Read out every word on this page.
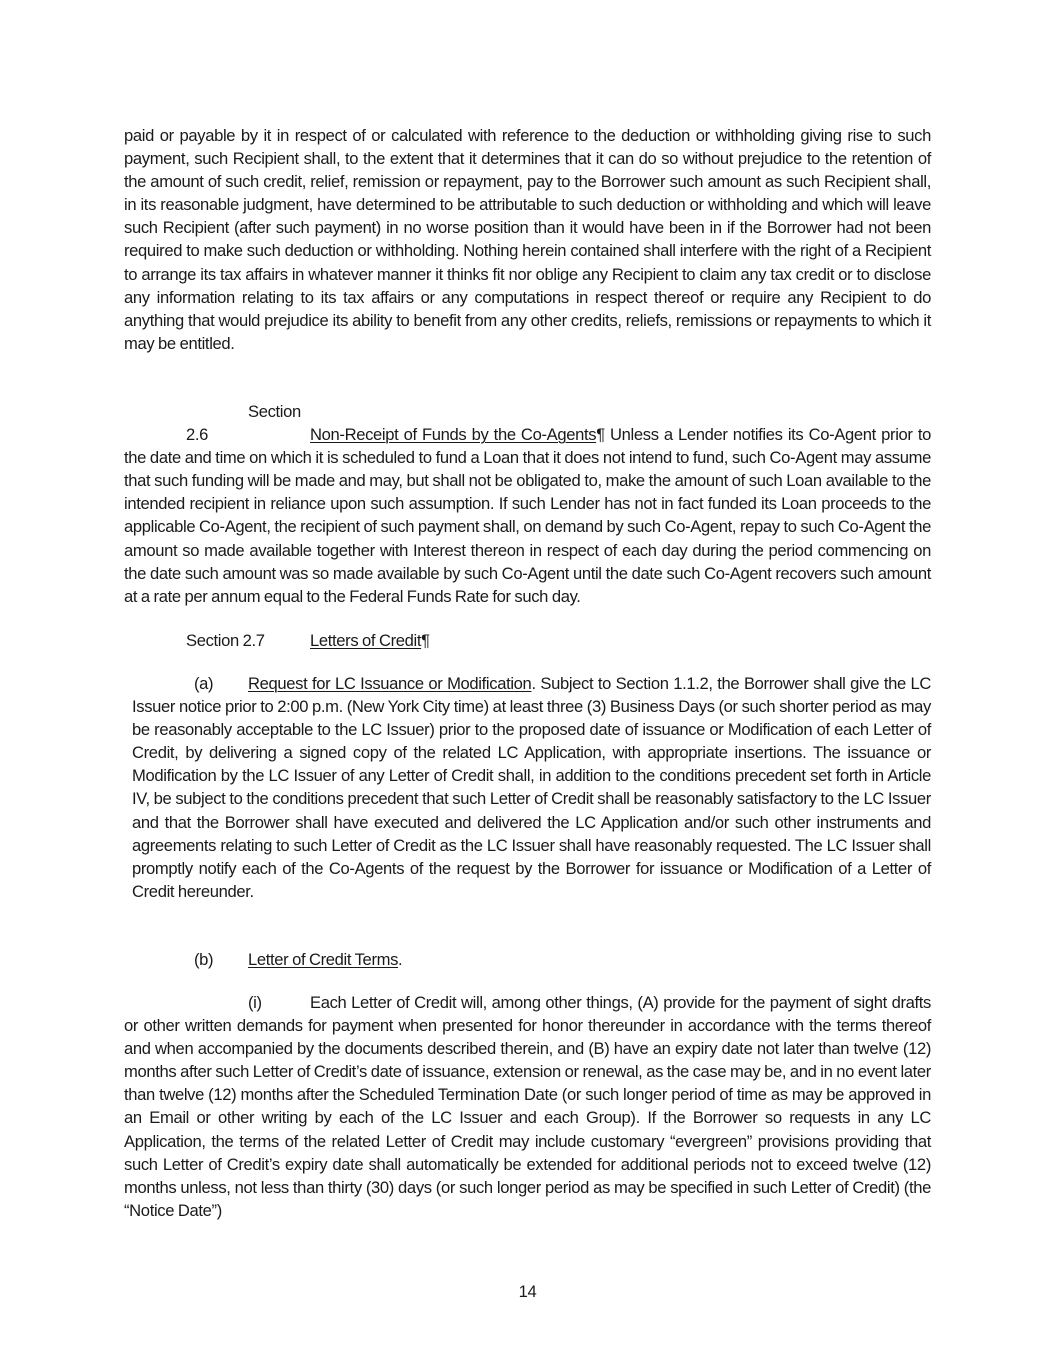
paid or payable by it in respect of or calculated with reference to the deduction or withholding giving rise to such payment, such Recipient shall, to the extent that it determines that it can do so without prejudice to the retention of the amount of such credit, relief, remission or repayment, pay to the Borrower such amount as such Recipient shall, in its reasonable judgment, have determined to be attributable to such deduction or withholding and which will leave such Recipient (after such payment) in no worse position than it would have been in if the Borrower had not been required to make such deduction or withholding. Nothing herein contained shall interfere with the right of a Recipient to arrange its tax affairs in whatever manner it thinks fit nor oblige any Recipient to claim any tax credit or to disclose any information relating to its tax affairs or any computations in respect thereof or require any Recipient to do anything that would prejudice its ability to benefit from any other credits, reliefs, remissions or repayments to which it may be entitled.

Section 2.6	Non-Receipt of Funds by the Co-Agents¶ Unless a Lender notifies its Co-Agent prior to the date and time on which it is scheduled to fund a Loan that it does not intend to fund, such Co-Agent may assume that such funding will be made and may, but shall not be obligated to, make the amount of such Loan available to the intended recipient in reliance upon such assumption. If such Lender has not in fact funded its Loan proceeds to the applicable Co-Agent, the recipient of such payment shall, on demand by such Co-Agent, repay to such Co-Agent the amount so made available together with Interest thereon in respect of each day during the period commencing on the date such amount was so made available by such Co-Agent until the date such Co-Agent recovers such amount at a rate per annum equal to the Federal Funds Rate for such day.

Section 2.7	Letters of Credit¶

(a) Request for LC Issuance or Modification. Subject to Section 1.1.2, the Borrower shall give the LC Issuer notice prior to 2:00 p.m. (New York City time) at least three (3) Business Days (or such shorter period as may be reasonably acceptable to the LC Issuer) prior to the proposed date of issuance or Modification of each Letter of Credit, by delivering a signed copy of the related LC Application, with appropriate insertions. The issuance or Modification by the LC Issuer of any Letter of Credit shall, in addition to the conditions precedent set forth in Article IV, be subject to the conditions precedent that such Letter of Credit shall be reasonably satisfactory to the LC Issuer and that the Borrower shall have executed and delivered the LC Application and/or such other instruments and agreements relating to such Letter of Credit as the LC Issuer shall have reasonably requested. The LC Issuer shall promptly notify each of the Co-Agents of the request by the Borrower for issuance or Modification of a Letter of Credit hereunder.

(b) Letter of Credit Terms.

(i)	Each Letter of Credit will, among other things, (A) provide for the payment of sight drafts or other written demands for payment when presented for honor thereunder in accordance with the terms thereof and when accompanied by the documents described therein, and (B) have an expiry date not later than twelve (12) months after such Letter of Credit’s date of issuance, extension or renewal, as the case may be, and in no event later than twelve (12) months after the Scheduled Termination Date (or such longer period of time as may be approved in an Email or other writing by each of the LC Issuer and each Group). If the Borrower so requests in any LC Application, the terms of the related Letter of Credit may include customary “evergreen” provisions providing that such Letter of Credit’s expiry date shall automatically be extended for additional periods not to exceed twelve (12) months unless, not less than thirty (30) days (or such longer period as may be specified in such Letter of Credit) (the “Notice Date”)

14
